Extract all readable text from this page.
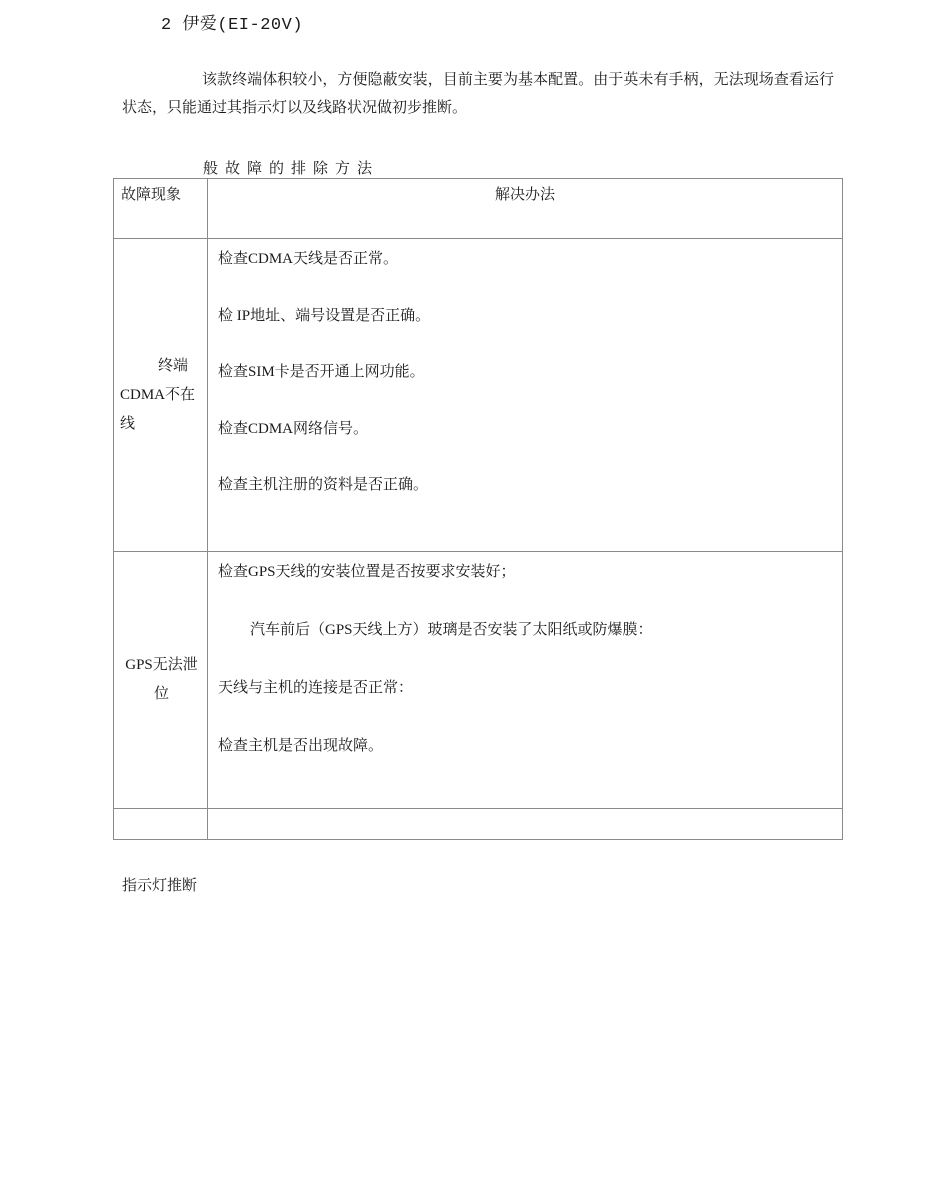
2 伊爱(EI-20V)

该款终端体积较小，方便隐蔽安装，目前主要为基本配置。由于英未有手柄，无法现场查看运行状态，只能通过其指示灯以及线路状况做初步推断。

般故障的排除方法
故障现象	解决办法
终端CDMA不在线	检查CDMA天线是否正常。

检 IP地址、端号设置是否正确。

检查SIM卡是否开通上网功能。

检查CDMA网络信号。

检查主机注册的资料是否正确。

GPS无法泄位	检查GPS天线的安装位置是否按要求安装好；

汽车前后（GPS天线上方）玻璃是否安装了太阳纸或防爆膜：

天线与主机的连接是否正常：

检查主机是否出现故障。

指示灯推断
